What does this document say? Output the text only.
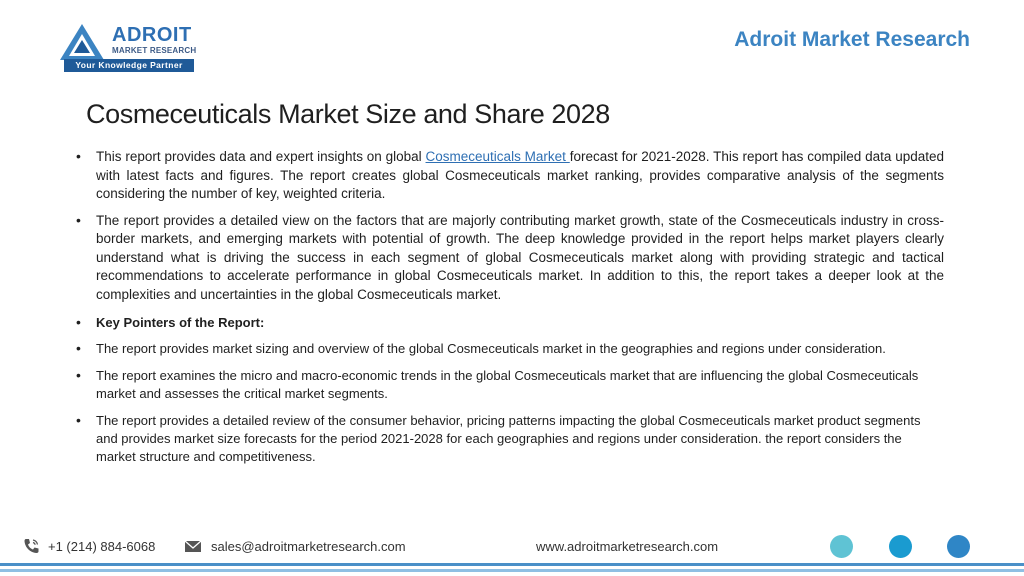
ADROIT
MARKET RESEARCH
Your Knowledge Partner
Adroit Market Research
Cosmeceuticals Market Size and Share 2028
• This report provides data and expert insights on global Cosmeceuticals Market forecast for 2021-2028. This report has compiled data updated with latest facts and figures. The report creates global Cosmeceuticals market ranking, provides comparative analysis of the segments considering the number of key, weighted criteria.

• The report provides a detailed view on the factors that are majorly contributing market growth, state of the Cosmeceuticals industry in cross-border markets, and emerging markets with potential of growth. The deep knowledge provided in the report helps market players clearly understand what is driving the success in each segment of global Cosmeceuticals market along with providing strategic and tactical recommendations to accelerate performance in global Cosmeceuticals market. In addition to this, the report takes a deeper look at the complexities and uncertainties in the global Cosmeceuticals market.

• Key Pointers of the Report:

• The report provides market sizing and overview of the global Cosmeceuticals market in the geographies and regions under consideration.

• The report examines the micro and macro-economic trends in the global Cosmeceuticals market that are influencing the global Cosmeceuticals market and assesses the critical market segments.

• The report provides a detailed review of the consumer behavior, pricing patterns impacting the global Cosmeceuticals market product segments and provides market size forecasts for the period 2021-2028 for each geographies and regions under consideration. the report considers the market structure and competitiveness.

+1 (214) 884-6068	sales@adroitmarketresearch.com	www.adroitmarketresearch.com
